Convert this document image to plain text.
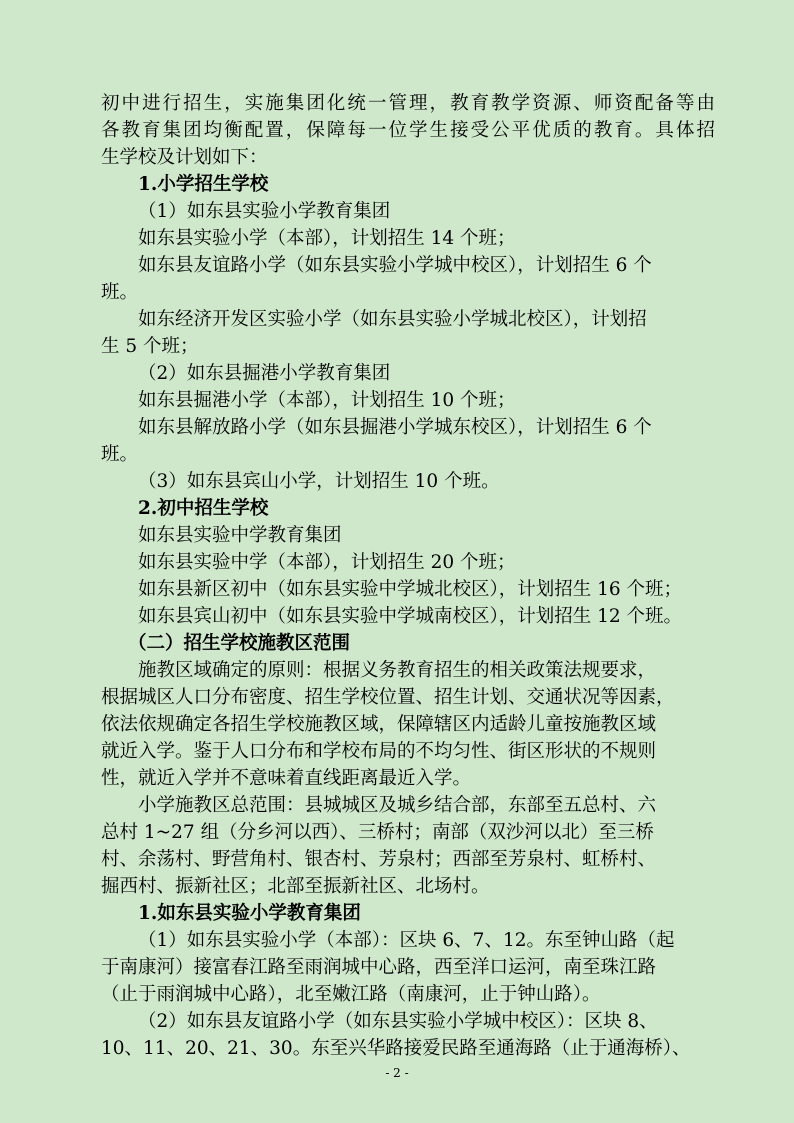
初中进行招生，实施集团化统一管理，教育教学资源、师资配备等由
各教育集团均衡配置，保障每一位学生接受公平优质的教育。具体招
生学校及计划如下：
1.小学招生学校
（1）如东县实验小学教育集团
如东县实验小学（本部），计划招生 14 个班；
如东县友谊路小学（如东县实验小学城中校区），计划招生 6 个
班。
如东经济开发区实验小学（如东县实验小学城北校区），计划招
生 5 个班；
（2）如东县掘港小学教育集团
如东县掘港小学（本部），计划招生 10 个班；
如东县解放路小学（如东县掘港小学城东校区），计划招生 6 个
班。
（3）如东县宾山小学，计划招生 10 个班。
2.初中招生学校
如东县实验中学教育集团
如东县实验中学（本部），计划招生 20 个班；
如东县新区初中（如东县实验中学城北校区），计划招生 16 个班；
如东县宾山初中（如东县实验中学城南校区），计划招生 12 个班。
（二）招生学校施教区范围
施教区域确定的原则：根据义务教育招生的相关政策法规要求，
根据城区人口分布密度、招生学校位置、招生计划、交通状况等因素，
依法依规确定各招生学校施教区域，保障辖区内适龄儿童按施教区域
就近入学。鉴于人口分布和学校布局的不均匀性、街区形状的不规则
性，就近入学并不意味着直线距离最近入学。
小学施教区总范围：县城城区及城乡结合部，东部至五总村、六
总村 1~27 组（分乡河以西）、三桥村；南部（双沙河以北）至三桥
村、余荡村、野营角村、银杏村、芳泉村；西部至芳泉村、虹桥村、
掘西村、振新社区；北部至振新社区、北场村。
1.如东县实验小学教育集团
（1）如东县实验小学（本部）：区块 6、7、12。东至钟山路（起
于南康河）接富春江路至雨润城中心路，西至洋口运河，南至珠江路
（止于雨润城中心路），北至嫩江路（南康河，止于钟山路）。
（2）如东县友谊路小学（如东县实验小学城中校区）：区块 8、
10、11、20、21、30。东至兴华路接爱民路至通海路（止于通海桥）、
- 2 -
